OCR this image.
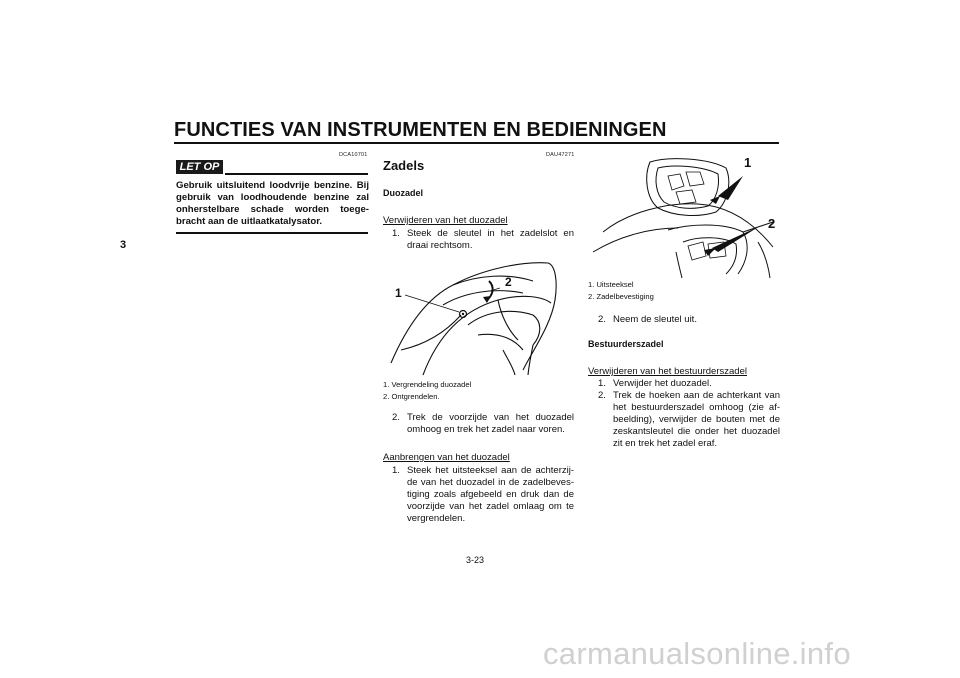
FUNCTIES VAN INSTRUMENTEN EN BEDIENINGEN
3
DCA10701
LET OP
Gebruik uitsluitend loodvrije benzine. Bij gebruik van loodhoudende benzine zal onherstelbare schade worden toege-bracht aan de uitlaatkatalysator.
DAU47271
Zadels
Duozadel
Verwijderen van het duozadel
1. Steek de sleutel in het zadelslot en draai rechtsom.
1
2
1. Vergrendeling duozadel
2. Ontgrendelen.
2. Trek de voorzijde van het duozadel omhoog en trek het zadel naar voren.
Aanbrengen van het duozadel
1. Steek het uitsteeksel aan de achterzij-de van het duozadel in de zadelbeves-tiging zoals afgebeeld en druk dan de voorzijde van het zadel omlaag om te vergrendelen.
1
2
1. Uitsteeksel
2. Zadelbevestiging
2. Neem de sleutel uit.
Bestuurderszadel
Verwijderen van het bestuurderszadel
1. Verwijder het duozadel.
2. Trek de hoeken aan de achterkant van het bestuurderszadel omhoog (zie af-beelding), verwijder de bouten met de zeskantsleutel die onder het duozadel zit en trek het zadel eraf.
3-23
carmanualsonline.info
